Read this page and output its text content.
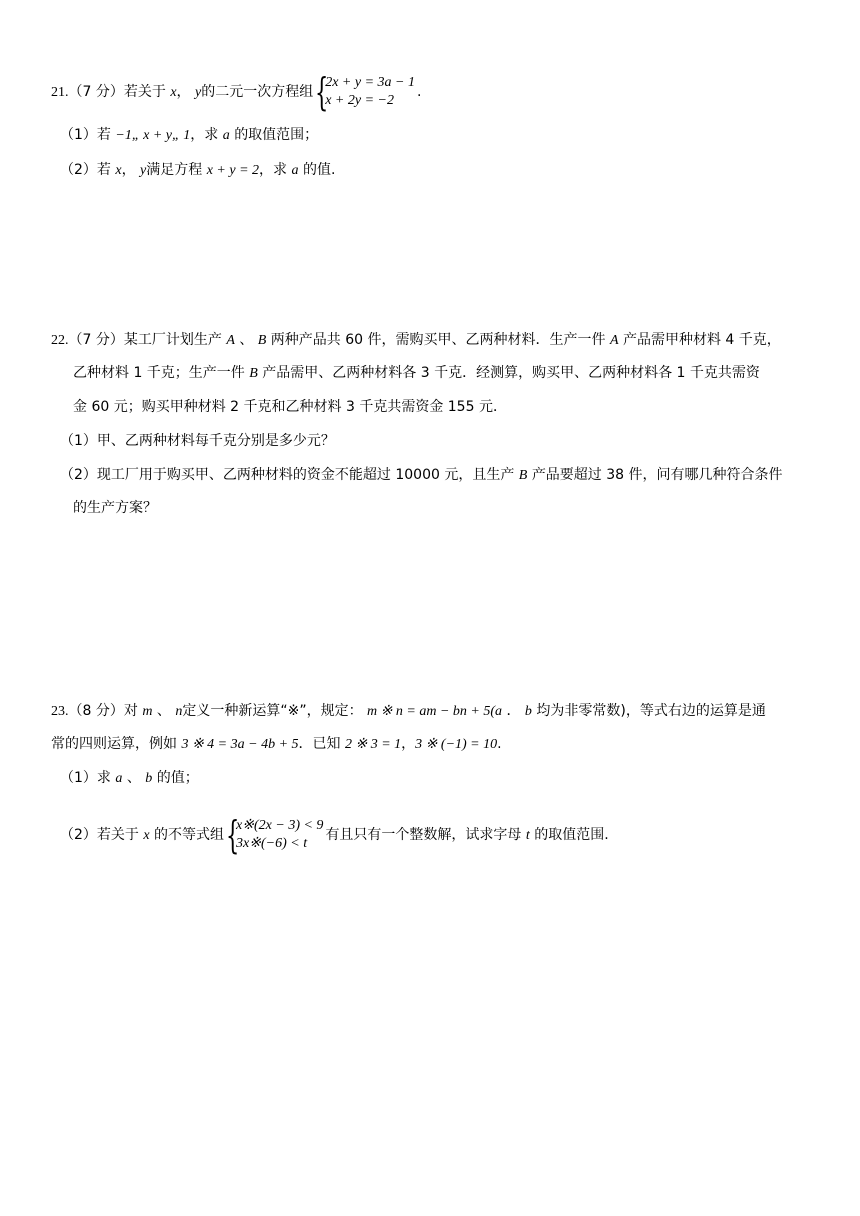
21.（7 分）若关于 x， y的二元一次方程组 {
2x + y = 3a − 1
x + 2y = −2
.
（1）若 −1„ x + y„ 1，求 a 的取值范围；
（2）若 x， y满足方程 x + y = 2，求 a 的值.
22.（7 分）某工厂计划生产 A 、 B 两种产品共 60 件，需购买甲、乙两种材料．生产一件 A 产品需甲种材料 4 千克，
乙种材料 1 千克；生产一件 B 产品需甲、乙两种材料各 3 千克．经测算，购买甲、乙两种材料各 1 千克共需资
金 60 元；购买甲种材料 2 千克和乙种材料 3 千克共需资金 155 元．
（1）甲、乙两种材料每千克分别是多少元？
（2）现工厂用于购买甲、乙两种材料的资金不能超过 10000 元，且生产 B 产品要超过 38 件，问有哪几种符合条件
的生产方案？
23.（8 分）对 m 、 n定义一种新运算“※”，规定： m ※ n = am − bn + 5(a ． b 均为非零常数)，等式右边的运算是通
常的四则运算，例如 3 ※ 4 = 3a − 4b + 5．已知 2 ※ 3 = 1，3 ※ (−1) = 10.
（1）求 a 、 b 的值；
（2）若关于 x 的不等式组 {
x※(2x − 3) < 9
3x※(−6) < t
有且只有一个整数解，试求字母 t 的取值范围.
